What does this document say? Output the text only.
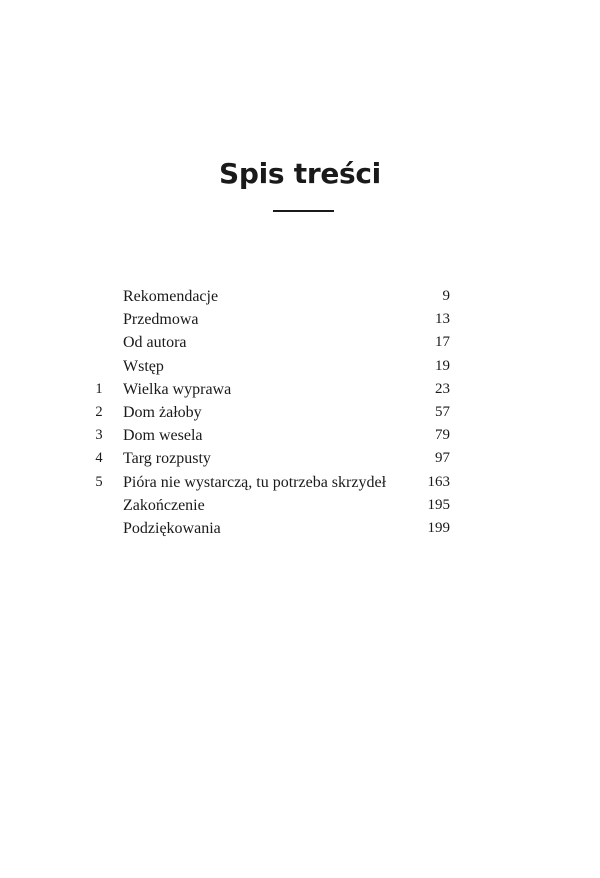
Spis treści
Rekomendacje	9
Przedmowa	13
Od autora	17
Wstęp	19
1	Wielka wyprawa	23
2	Dom żałoby	57
3	Dom wesela	79
4	Targ rozpusty	97
5	Pióra nie wystarczą, tu potrzeba skrzydeł	163
Zakończenie	195
Podziękowania	199
